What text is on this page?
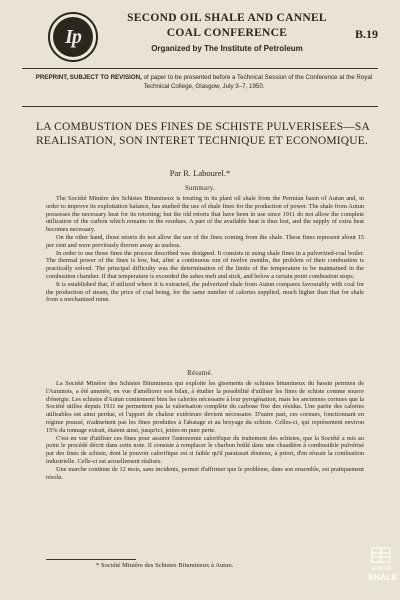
Ip
SECOND OIL SHALE AND CANNEL
COAL CONFERENCE	B.19
Organized by The Institute of Petroleum
PREPRINT, SUBJECT TO REVISION, of paper to be presented before a Technical Session of the Conference at the Royal Technical College, Glasgow, July 3–7, 1950.
LA COMBUSTION DES FINES DE SCHISTE PULVERISEES—SA REALISATION, SON INTERET TECHNIQUE ET ECONOMIQUE.
Par R. Labourel.*
Summary.

The Société Minière des Schistes Bitumineux is treating in its plant oil shale from the Permian basin of Autun and, in order to improve its exploitation balance, has studied the use of shale fines for the production of power. The shale from Autun possesses the necessary heat for its retorting; but the old retorts that have been in use since 1911 do not allow the complete utilization of the carbon which remains in the residues. A part of the available heat is thus lost, and the supply of extra heat becomes necessary.

On the other hand, those retorts do not allow the use of the fines coming from the shale. These fines represent about 15 per cent and were previously thrown away as useless.

In order to use those fines the process described was designed. It consists in using shale fines in a pulverized-coal boiler. The thermal power of the fines is low, but, after a continuous run of twelve months, the problem of their combustion is practically solved. The principal difficulty was the determination of the limits of the temperature to be maintained in the combustion chamber. If that temperature is exceeded the ashes melt and stick, and below a certain point combustion stops.

It is established that, if utilized where it is extracted, the pulverized shale from Autun compares favourably with coal for the production of steam, the price of coal being, for the same number of calories supplied, much higher than that for shale from a mechanized mine.

Résumé.

La Société Minière des Schistes Bitumineux qui exploite les gisements de schistes bitumineux du bassin permien de l'Autunois, a été amenée, en vue d'améliorer son bilan, à étudier la possibilité d'utiliser les fines de schiste comme source d'énergie. Les schistes d'Autun contiennent bien les calories nécessaire à leur pyrogénation, mais les anciennes cornues que la Société utilise depuis 1911 ne permettent pas la valorisation complète du carbone fixe des résidus. Une partie des calories utilisables est ainsi perdue, et l'apport de chaleur extérieure devient nécessaire. D'autre part, ces cornues, fonctionnant en régime poussé, n'admettent pas les fines produites à l'abatage et au broyage du schiste. Celles-ci, qui représentent environ 15% du tonnage extrait, étaient ainsi, jusqu'ici, jetées en pure perte.

C'est en vue d'utiliser ces fines pour assurer l'autonomie calorifique du traitement des schistes, que la Société a mis au point le procédé décrit dans cette note. Il consiste à remplacer le charbon brûlé dans une chaudière à combustible pulvérisé par des fines de schiste, dont le pouvoir calorifique est si faible qu'il paraissait douteux, à priori, d'en réussir la combustion industrielle. Celle-ci est actuellement réalisée.

Une marche continue de 12 mois, sans incidents, permet d'affirmer que le problème, dans son ensemble, est pratiquement résolu.

* Société Minière des Schistes Bitumineux à Autun.	scottish
SHALE
